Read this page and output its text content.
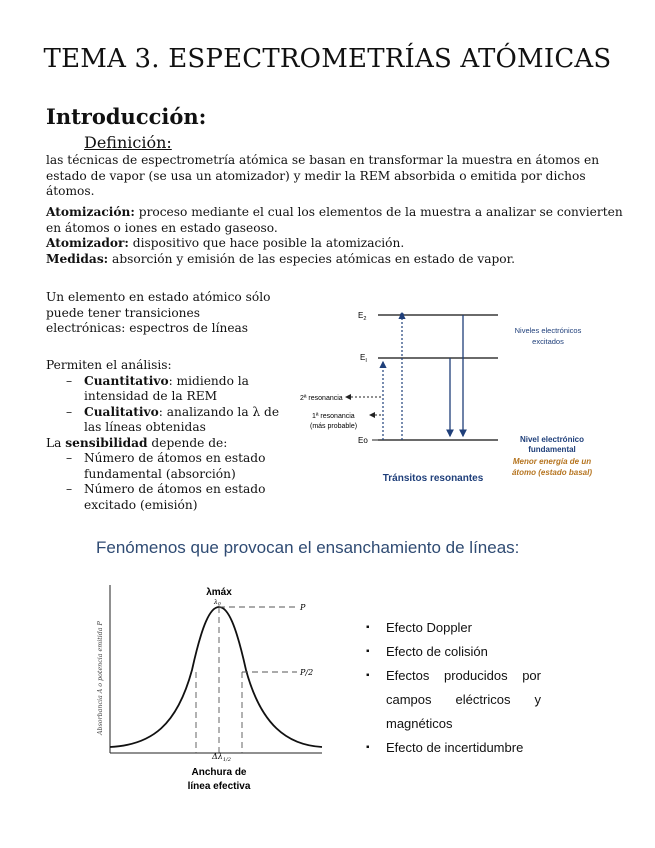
TEMA 3. ESPECTROMETRÍAS ATÓMICAS
Introducción:
Definición:
las técnicas de espectrometría atómica se basan en transformar la muestra en átomos en estado de vapor (se usa un atomizador) y medir la REM absorbida o emitida por dichos átomos.
Atomización: proceso mediante el cual los elementos de la muestra a analizar se convierten en átomos o iones en estado gaseoso.
Atomizador: dispositivo que hace posible la atomización.
Medidas: absorción y emisión de las especies atómicas en estado de vapor.
Un elemento en estado atómico sólo puede tener transiciones electrónicas: espectros de líneas
Permiten el análisis:
– Cuantitativo: midiendo la intensidad de la REM
– Cualitativo: analizando la λ de las líneas obtenidas
La sensibilidad depende de:
– Número de átomos en estado fundamental (absorción)
– Número de átomos en estado excitado (emisión)
$E_2$
$E_I$
Eo
2ª resonancia
1ª resonancia
(más probable)
Niveles electrónicos
excitados
Nivel electrónico
fundamental
Menor energía de un
átomo (estado basal)
Tránsitos resonantes
Fenómenos que provocan el ensanchamiento de líneas:
P
P/2
λmáx
$\lambda_0$
$\Delta\lambda_{1/2}$
Absorbancia A o potencia emitida P
Anchura de
línea efectiva
▪ Efecto Doppler
▪ Efecto de colisión
▪ Efectos producidos por campos eléctricos y magnéticos
▪ Efecto de incertidumbre
